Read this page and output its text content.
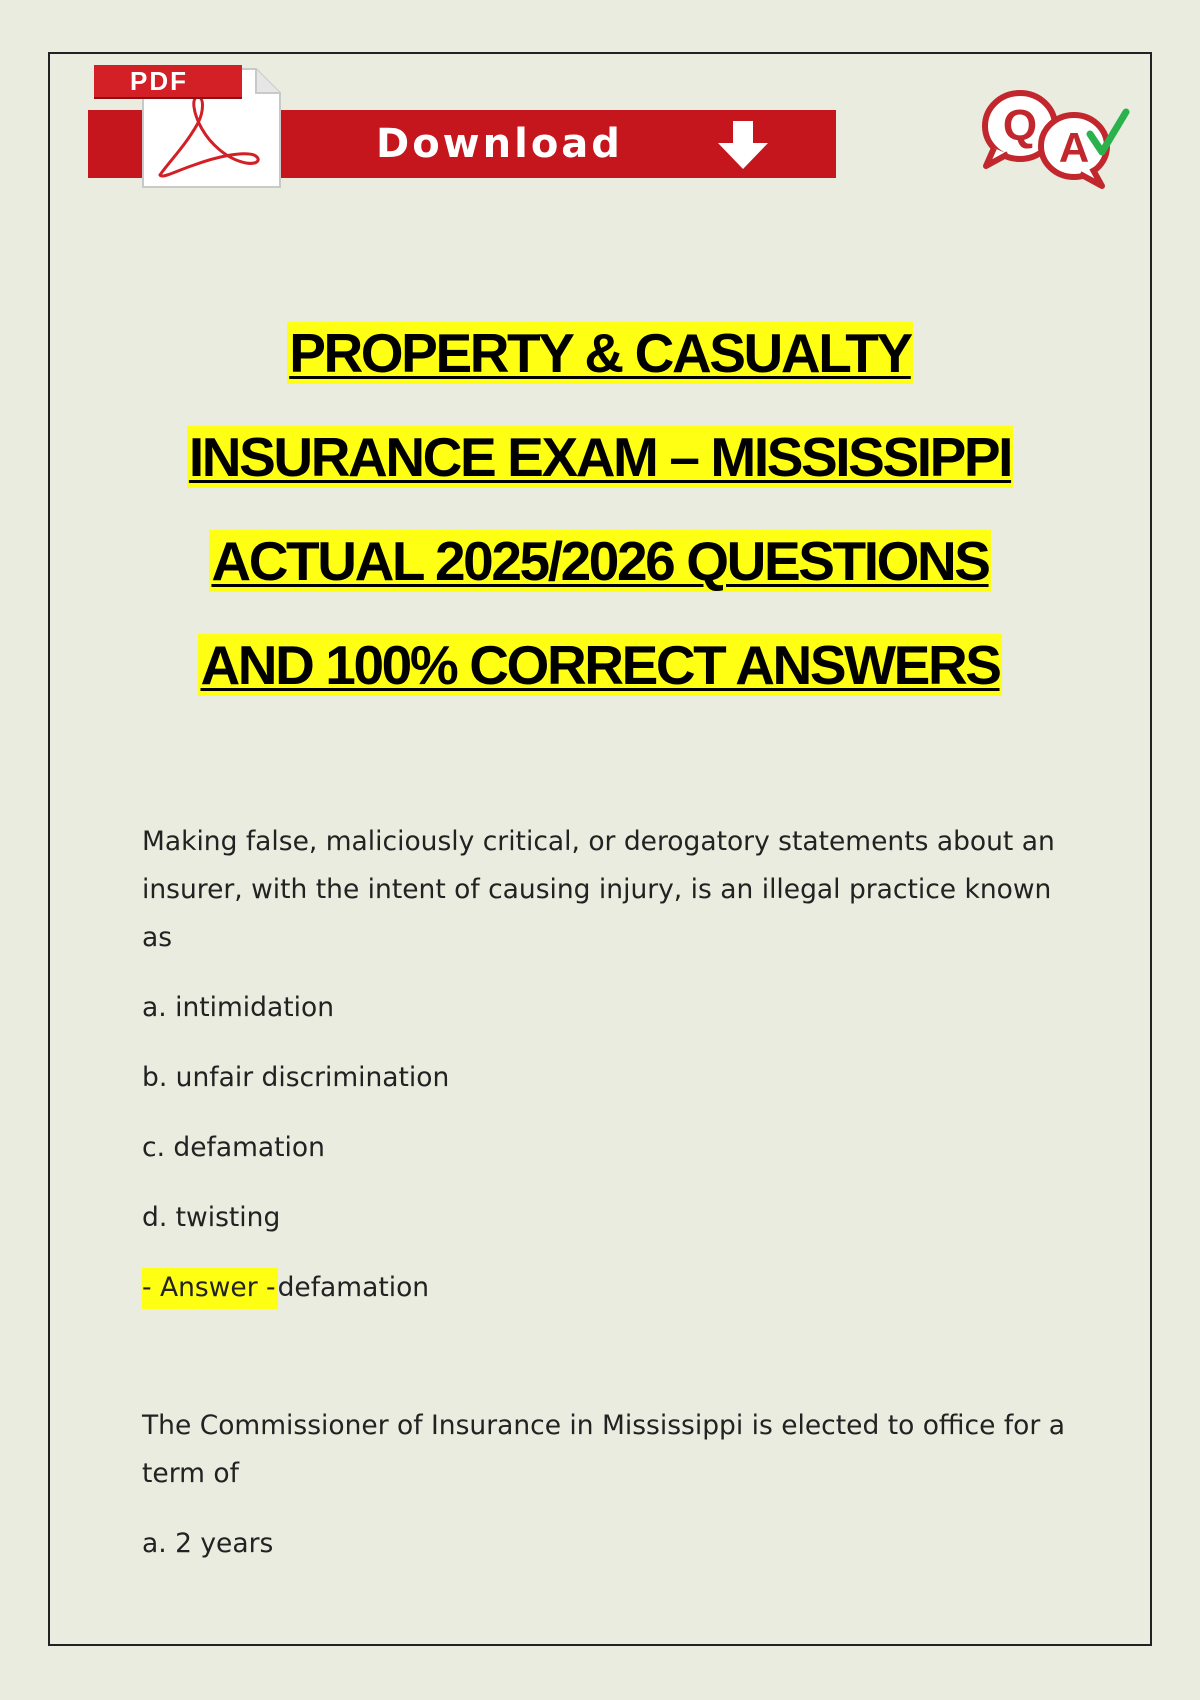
PDF
Download	Q A
PROPERTY & CASUALTY
INSURANCE EXAM – MISSISSIPPI
ACTUAL 2025/2026 QUESTIONS
AND 100% CORRECT ANSWERS

Making false, maliciously critical, or derogatory statements about an insurer, with the intent of causing injury, is an illegal practice known as

a. intimidation

b. unfair discrimination

c. defamation

d. twisting

- Answer -defamation

The Commissioner of Insurance in Mississippi is elected to office for a term of

a. 2 years
